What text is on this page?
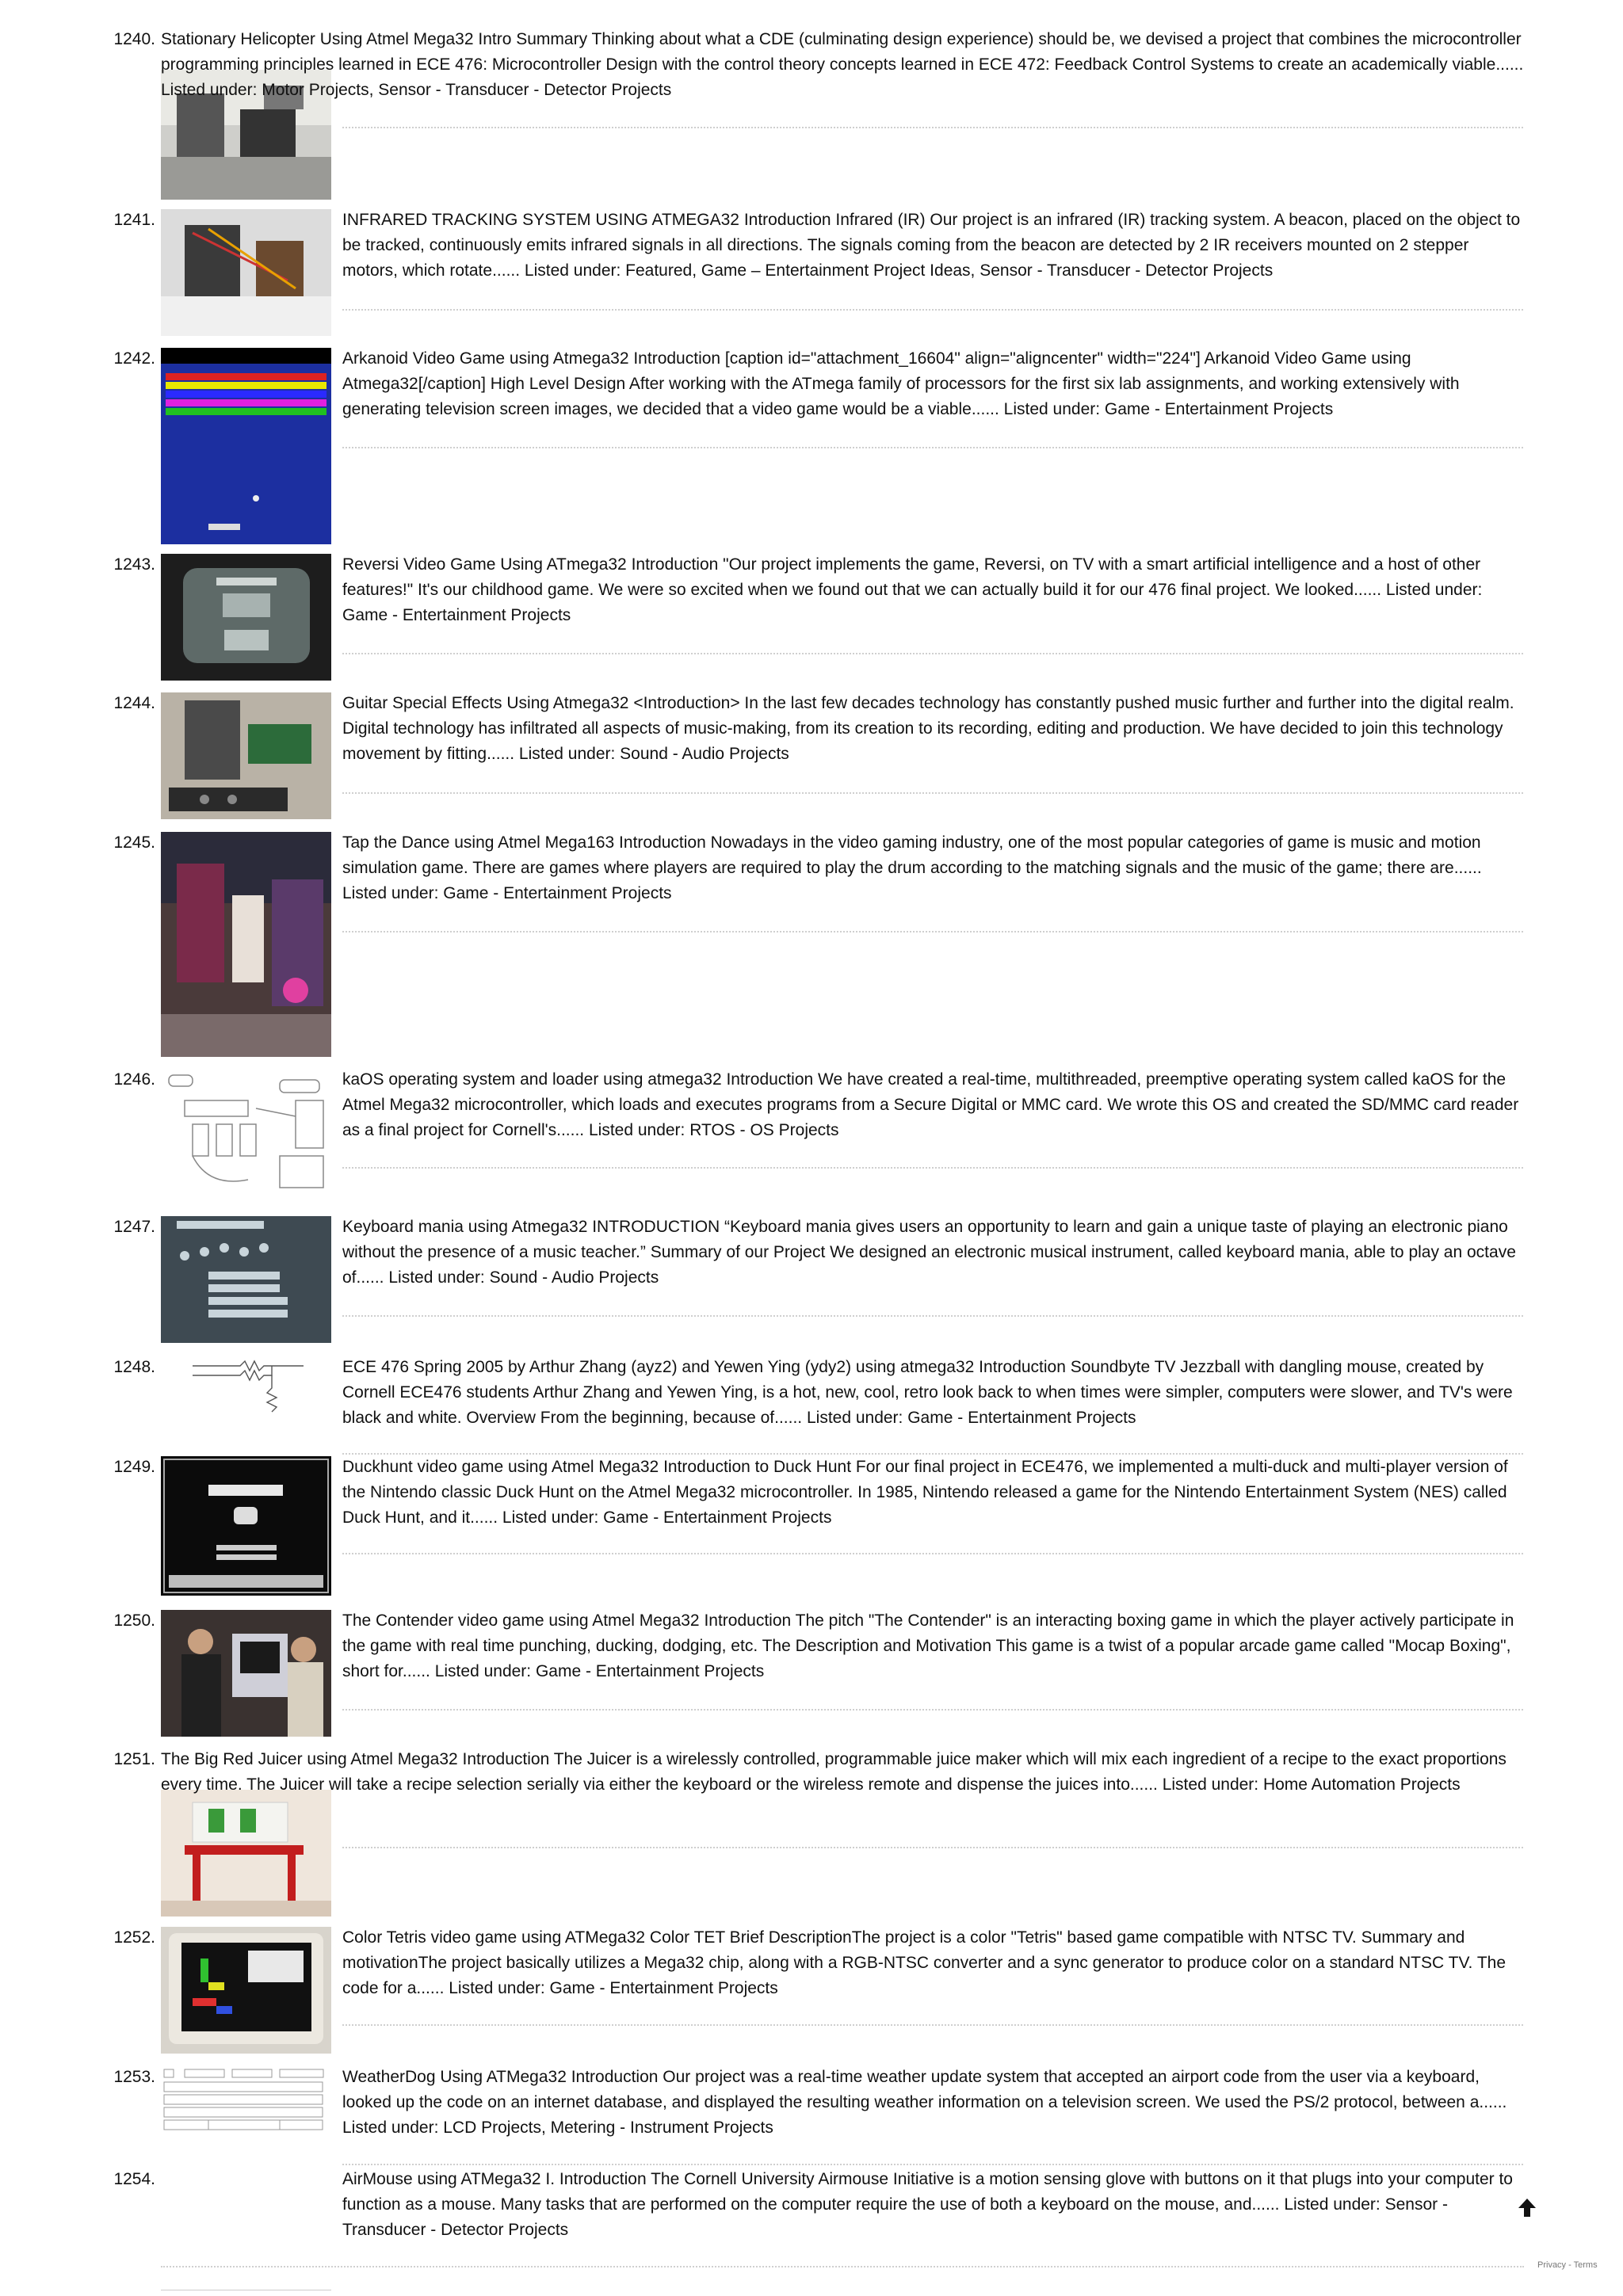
1240. Stationary Helicopter Using Atmel Mega32 Intro Summary Thinking about what a CDE (culminating design experience) should be, we devised a project that combines the microcontroller programming principles learned in ECE 476: Microcontroller Design with the control theory concepts learned in ECE 472: Feedback Control Systems to create an academically viable...... Listed under: Motor Projects, Sensor - Transducer - Detector Projects
1241.	INFRARED TRACKING SYSTEM USING ATMEGA32 Introduction Infrared (IR) Our project is an infrared (IR) tracking system. A beacon, placed on the object to be tracked, continuously emits infrared signals in all directions. The signals coming from the beacon are detected by 2 IR receivers mounted on 2 stepper motors, which rotate...... Listed under: Featured, Game – Entertainment Project Ideas, Sensor - Transducer - Detector Projects
1242.	Arkanoid Video Game using Atmega32 Introduction [caption id="attachment_16604" align="aligncenter" width="224"] Arkanoid Video Game using Atmega32[/caption] High Level Design After working with the ATmega family of processors for the first six lab assignments, and working extensively with generating television screen images, we decided that a video game would be a viable...... Listed under: Game - Entertainment Projects
1243.	Reversi Video Game Using ATmega32 Introduction "Our project implements the game, Reversi, on TV with a smart artificial intelligence and a host of other features!" It's our childhood game. We were so excited when we found out that we can actually build it for our 476 final project. We looked...... Listed under: Game - Entertainment Projects
1244.	Guitar Special Effects Using Atmega32 <Introduction> In the last few decades technology has constantly pushed music further and further into the digital realm. Digital technology has infiltrated all aspects of music-making, from its creation to its recording, editing and production. We have decided to join this technology movement by fitting...... Listed under: Sound - Audio Projects
1245.	Tap the Dance using Atmel Mega163 Introduction Nowadays in the video gaming industry, one of the most popular categories of game is music and motion simulation game. There are games where players are required to play the drum according to the matching signals and the music of the game; there are...... Listed under: Game - Entertainment Projects
1246.	kaOS operating system and loader using atmega32 Introduction We have created a real-time, multithreaded, preemptive operating system called kaOS for the Atmel Mega32 microcontroller, which loads and executes programs from a Secure Digital or MMC card. We wrote this OS and created the SD/MMC card reader as a final project for Cornell's...... Listed under: RTOS - OS Projects
1247.	Keyboard mania using Atmega32 INTRODUCTION “Keyboard mania gives users an opportunity to learn and gain a unique taste of playing an electronic piano without the presence of a music teacher.” Summary of our Project We designed an electronic musical instrument, called keyboard mania, able to play an octave of...... Listed under: Sound - Audio Projects
1248.	ECE 476 Spring 2005 by Arthur Zhang (ayz2) and Yewen Ying (ydy2) using atmega32 Introduction Soundbyte TV Jezzball with dangling mouse, created by Cornell ECE476 students Arthur Zhang and Yewen Ying, is a hot, new, cool, retro look back to when times were simpler, computers were slower, and TV's were black and white. Overview From the beginning, because of...... Listed under: Game - Entertainment Projects
1249.	Duckhunt video game using Atmel Mega32 Introduction to Duck Hunt For our final project in ECE476, we implemented a multi-duck and multi-player version of the Nintendo classic Duck Hunt on the Atmel Mega32 microcontroller. In 1985, Nintendo released a game for the Nintendo Entertainment System (NES) called Duck Hunt, and it...... Listed under: Game - Entertainment Projects
1250.	The Contender video game using Atmel Mega32 Introduction The pitch "The Contender" is an interacting boxing game in which the player actively participate in the game with real time punching, ducking, dodging, etc. The Description and Motivation This game is a twist of a popular arcade game called "Mocap Boxing", short for...... Listed under: Game - Entertainment Projects
1251. The Big Red Juicer using Atmel Mega32 Introduction The Juicer is a wirelessly controlled, programmable juice maker which will mix each ingredient of a recipe to the exact proportions every time. The Juicer will take a recipe selection serially via either the keyboard or the wireless remote and dispense the juices into...... Listed under: Home Automation Projects
1252.	Color Tetris video game using ATMega32 Color TET Brief DescriptionThe project is a color "Tetris" based game compatible with NTSC TV. Summary and motivationThe project basically utilizes a Mega32 chip, along with a RGB-NTSC converter and a sync generator to produce color on a standard NTSC TV. The code for a...... Listed under: Game - Entertainment Projects
1253.	WeatherDog Using ATMega32 Introduction Our project was a real-time weather update system that accepted an airport code from the user via a keyboard, looked up the code on an internet database, and displayed the resulting weather information on a television screen. We used the PS/2 protocol, between a...... Listed under: LCD Projects, Metering - Instrument Projects
1254.	AirMouse using ATMega32 I. Introduction The Cornell University Airmouse Initiative is a motion sensing glove with buttons on it that plugs into your computer to function as a mouse. Many tasks that are performed on the computer require the use of both a keyboard on the mouse, and...... Listed under: Sensor - Transducer - Detector Projects
Privacy - Terms
